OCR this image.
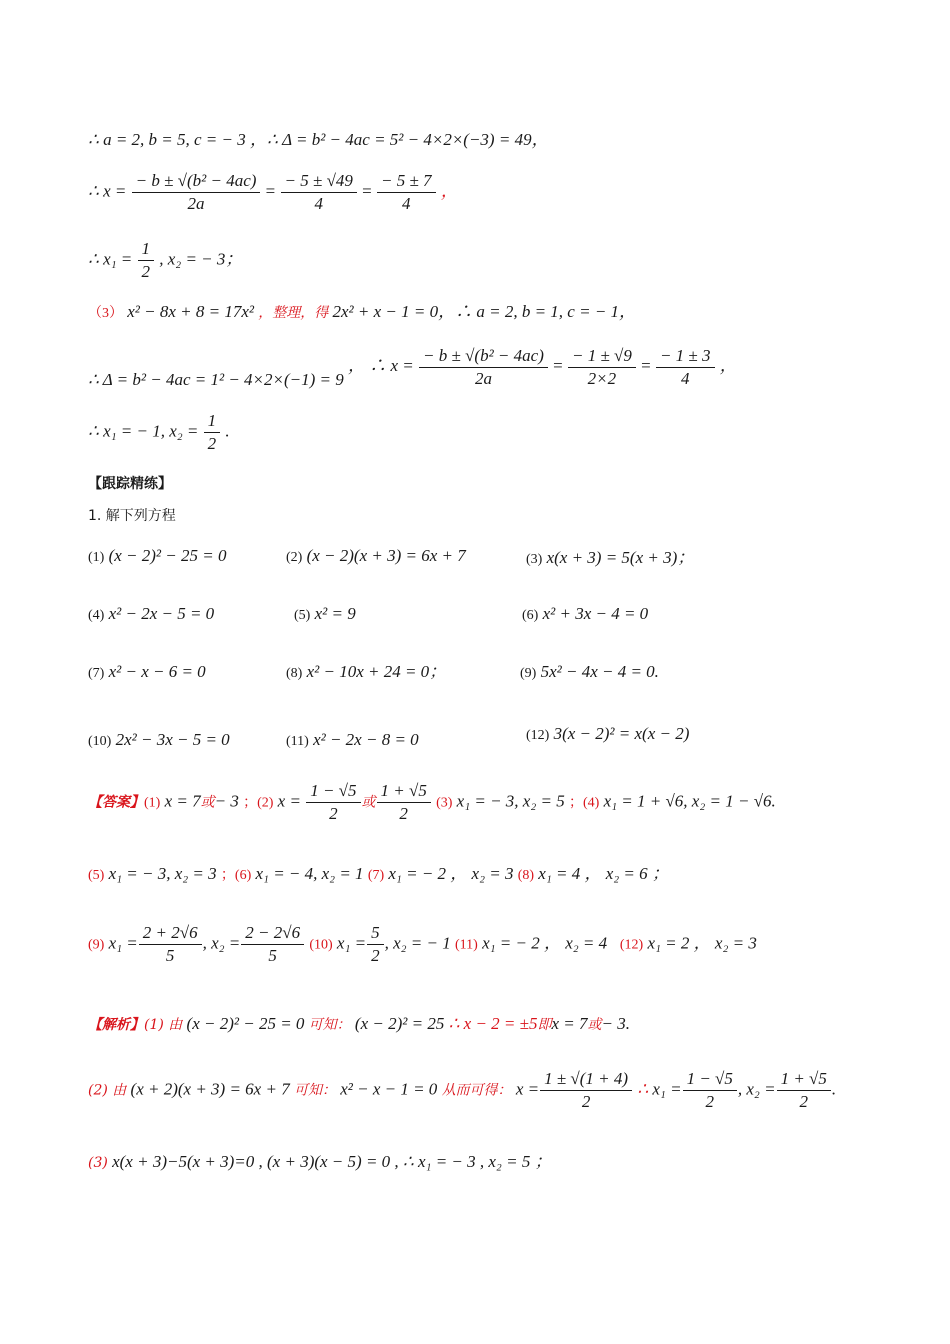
∴ a = 2, b = 5, c = − 3 ，∴ Δ = b² − 4ac = 5² − 4×2×(−3) = 49，
∴ $x = \frac{\text{− b ± √(b² − 4ac)}}{2a} = \frac{- 5 \pm √49}{4} = \frac{- 5 \pm 7}{4}$ ，
∴ $x_1 = \frac{1}{2}$ , x₂ = − 3；
（3） x² − 8x + 8 = 17x² ，整理，得 2x² + x − 1 = 0，∴ a = 2, b = 1, c = − 1，
∴ Δ = b² − 4ac = 1² − 4×2×(−1) = 9 ， ∴ $x = \frac{\text{− b ± √(b² − 4ac)}}{2a} = \frac{- 1 \pm √9}{2\times 2} = \frac{- 1 \pm 3}{4}$ ，
∴ x₁ = − 1, $x_2 = \frac{1}{2}$ .
【跟踪精练】
1. 解下列方程
(1) (x − 2)² − 25 = 0	(2) (x − 2)(x + 3) = 6x + 7	(3) x(x + 3) = 5(x + 3)；
(4) x² − 2x − 5 = 0	(5) x² = 9	(6) x² + 3x − 4 = 0
(7) x² − x − 6 = 0	(8) x² − 10x + 24 = 0；	(9) 5x² − 4x − 4 = 0.
(10) 2x² − 3x − 5 = 0	(11) x² − 2x − 8 = 0	(12) 3(x − 2)² = x(x − 2)
【答案】(1) x = 7或− 3 ；(2) $x = \frac{1 - √5}{2}$ 或 $\frac{1 + √5}{2} (3) x_1$ = − 3, x₂ = 5 ；(4) x₁ = 1 + √6, x₂ = 1 − √6.
(5) x₁ = − 3, x₂ = 3 ；(6) x₁ = − 4, x₂ = 1 (7) x₁ = − 2 ， x₂ = 3 (8) x₁ = 4 ， x₂ = 6 ；
(9) $x_1 = \frac{2 + 2√6}{5}$ , $x_2 = \frac{2 - 2√6}{5} (10) x_1 = \frac{5}{2}$ , x₂ = − 1 (11) x₁ = − 2 ， x₂ = 4 (12) x₁ = 2 ， x₂ = 3
【解析】(1) 由 (x − 2)² − 25 = 0 可知： (x − 2)² = 25 ∴ x − 2 = ±5即x = 7或− 3.
(2) 由 (x + 2)(x + 3) = 6x + 7 可知： x² − x − 1 = 0 从而可得： $x = \frac{1 \pm √(1 + 4)}{2}$ ∴ $x_1 = \frac{1 - √5}{2}$ , $x_2 = \frac{1 + √5}{2}$ .
(3) x(x + 3)−5(x + 3)=0 , (x + 3)(x − 5) = 0 , ∴ x₁ = − 3 , x₂ = 5 ；
